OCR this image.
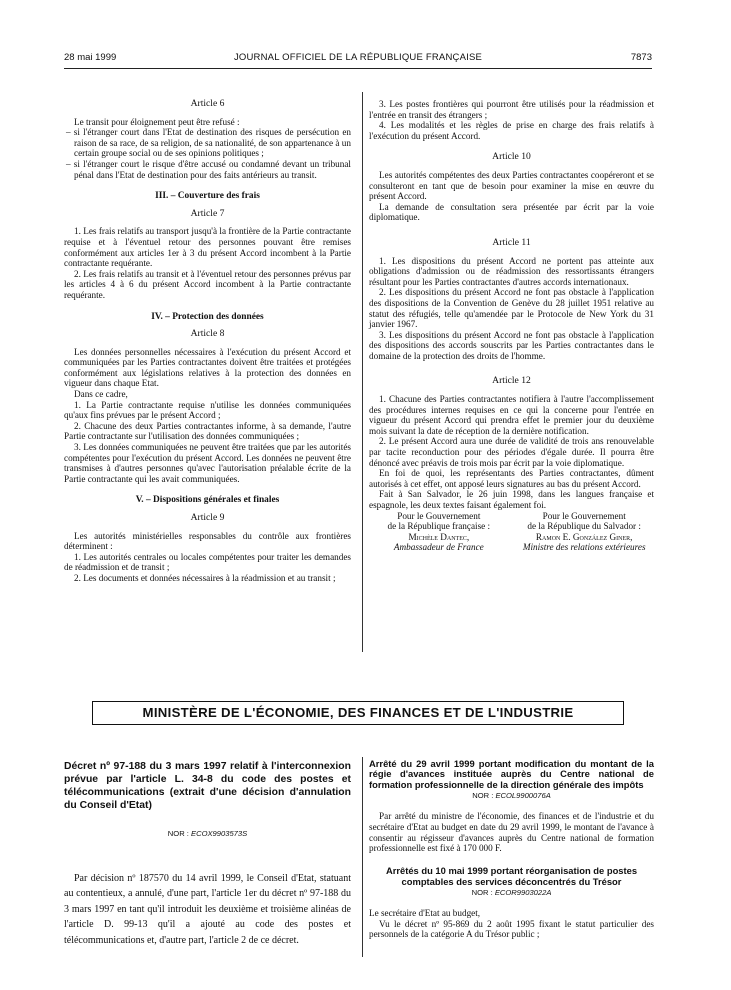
28 mai 1999	JOURNAL OFFICIEL DE LA RÉPUBLIQUE FRANÇAISE	7873
Article 6

Le transit pour éloignement peut être refusé :

– si l'étranger court dans l'Etat de destination des risques de persécution en raison de sa race, de sa religion, de sa nationalité, de son appartenance à un certain groupe social ou de ses opinions politiques ;

– si l'étranger court le risque d'être accusé ou condamné devant un tribunal pénal dans l'Etat de destination pour des faits antérieurs au transit.

III. – Couverture des frais
Article 7

1. Les frais relatifs au transport jusqu'à la frontière de la Partie contractante requise et à l'éventuel retour des personnes pouvant être remises conformément aux articles 1er à 3 du présent Accord incombent à la Partie contractante requérante.

2. Les frais relatifs au transit et à l'éventuel retour des personnes prévus par les articles 4 à 6 du présent Accord incombent à la Partie contractante requérante.

IV. – Protection des données
Article 8

Les données personnelles nécessaires à l'exécution du présent Accord et communiquées par les Parties contractantes doivent être traitées et protégées conformément aux législations relatives à la protection des données en vigueur dans chaque Etat.

Dans ce cadre,

1. La Partie contractante requise n'utilise les données communiquées qu'aux fins prévues par le présent Accord ;

2. Chacune des deux Parties contractantes informe, à sa demande, l'autre Partie contractante sur l'utilisation des données communiquées ;

3. Les données communiquées ne peuvent être traitées que par les autorités compétentes pour l'exécution du présent Accord. Les données ne peuvent être transmises à d'autres personnes qu'avec l'autorisation préalable écrite de la Partie contractante qui les avait communiquées.

V. – Dispositions générales et finales
Article 9

Les autorités ministérielles responsables du contrôle aux frontières déterminent :

1. Les autorités centrales ou locales compétentes pour traiter les demandes de réadmission et de transit ;

2. Les documents et données nécessaires à la réadmission et au transit ;

3. Les postes frontières qui pourront être utilisés pour la réadmission et l'entrée en transit des étrangers ;

4. Les modalités et les règles de prise en charge des frais relatifs à l'exécution du présent Accord.

Article 10

Les autorités compétentes des deux Parties contractantes coopéreront et se consulteront en tant que de besoin pour examiner la mise en œuvre du présent Accord.

La demande de consultation sera présentée par écrit par la voie diplomatique.

Article 11

1. Les dispositions du présent Accord ne portent pas atteinte aux obligations d'admission ou de réadmission des ressortissants étrangers résultant pour les Parties contractantes d'autres accords internationaux.

2. Les dispositions du présent Accord ne font pas obstacle à l'application des dispositions de la Convention de Genève du 28 juillet 1951 relative au statut des réfugiés, telle qu'amendée par le Protocole de New York du 31 janvier 1967.

3. Les dispositions du présent Accord ne font pas obstacle à l'application des dispositions des accords souscrits par les Parties contractantes dans le domaine de la protection des droits de l'homme.

Article 12

1. Chacune des Parties contractantes notifiera à l'autre l'accomplissement des procédures internes requises en ce qui la concerne pour l'entrée en vigueur du présent Accord qui prendra effet le premier jour du deuxième mois suivant la date de réception de la dernière notification.

2. Le présent Accord aura une durée de validité de trois ans renouvelable par tacite reconduction pour des périodes d'égale durée. Il pourra être dénoncé avec préavis de trois mois par écrit par la voie diplomatique.

En foi de quoi, les représentants des Parties contractantes, dûment autorisés à cet effet, ont apposé leurs signatures au bas du présent Accord.

Fait à San Salvador, le 26 juin 1998, dans les langues française et espagnole, les deux textes faisant également foi.

Pour le Gouvernement
de la République française :
Michèle Dantec,
Ambassadeur de France
Pour le Gouvernement
de la République du Salvador :
Ramon E. González Giner,
Ministre des relations extérieures
MINISTÈRE DE L'ÉCONOMIE, DES FINANCES ET DE L'INDUSTRIE
Décret nº 97-188 du 3 mars 1997 relatif à l'interconnexion prévue par l'article L. 34-8 du code des postes et télécommunications (extrait d'une décision d'annulation du Conseil d'Etat)
NOR : ECOX9903573S

Par décision nº 187570 du 14 avril 1999, le Conseil d'Etat, statuant au contentieux, a annulé, d'une part, l'article 1er du décret nº 97-188 du 3 mars 1997 en tant qu'il introduit les deuxième et troisième alinéas de l'article D. 99-13 qu'il a ajouté au code des postes et télécommunications et, d'autre part, l'article 2 de ce décret.

Arrêté du 29 avril 1999 portant modification du montant de la régie d'avances instituée auprès du Centre national de formation professionnelle de la direction générale des impôts
NOR : ECOL9900076A

Par arrêté du ministre de l'économie, des finances et de l'industrie et du secrétaire d'Etat au budget en date du 29 avril 1999, le montant de l'avance à consentir au régisseur d'avances auprès du Centre national de formation professionnelle est fixé à 170 000 F.

Arrêtés du 10 mai 1999 portant réorganisation de postes comptables des services déconcentrés du Trésor
NOR : ECOR9903022A

Le secrétaire d'Etat au budget,

Vu le décret nº 95-869 du 2 août 1995 fixant le statut particulier des personnels de la catégorie A du Trésor public ;
